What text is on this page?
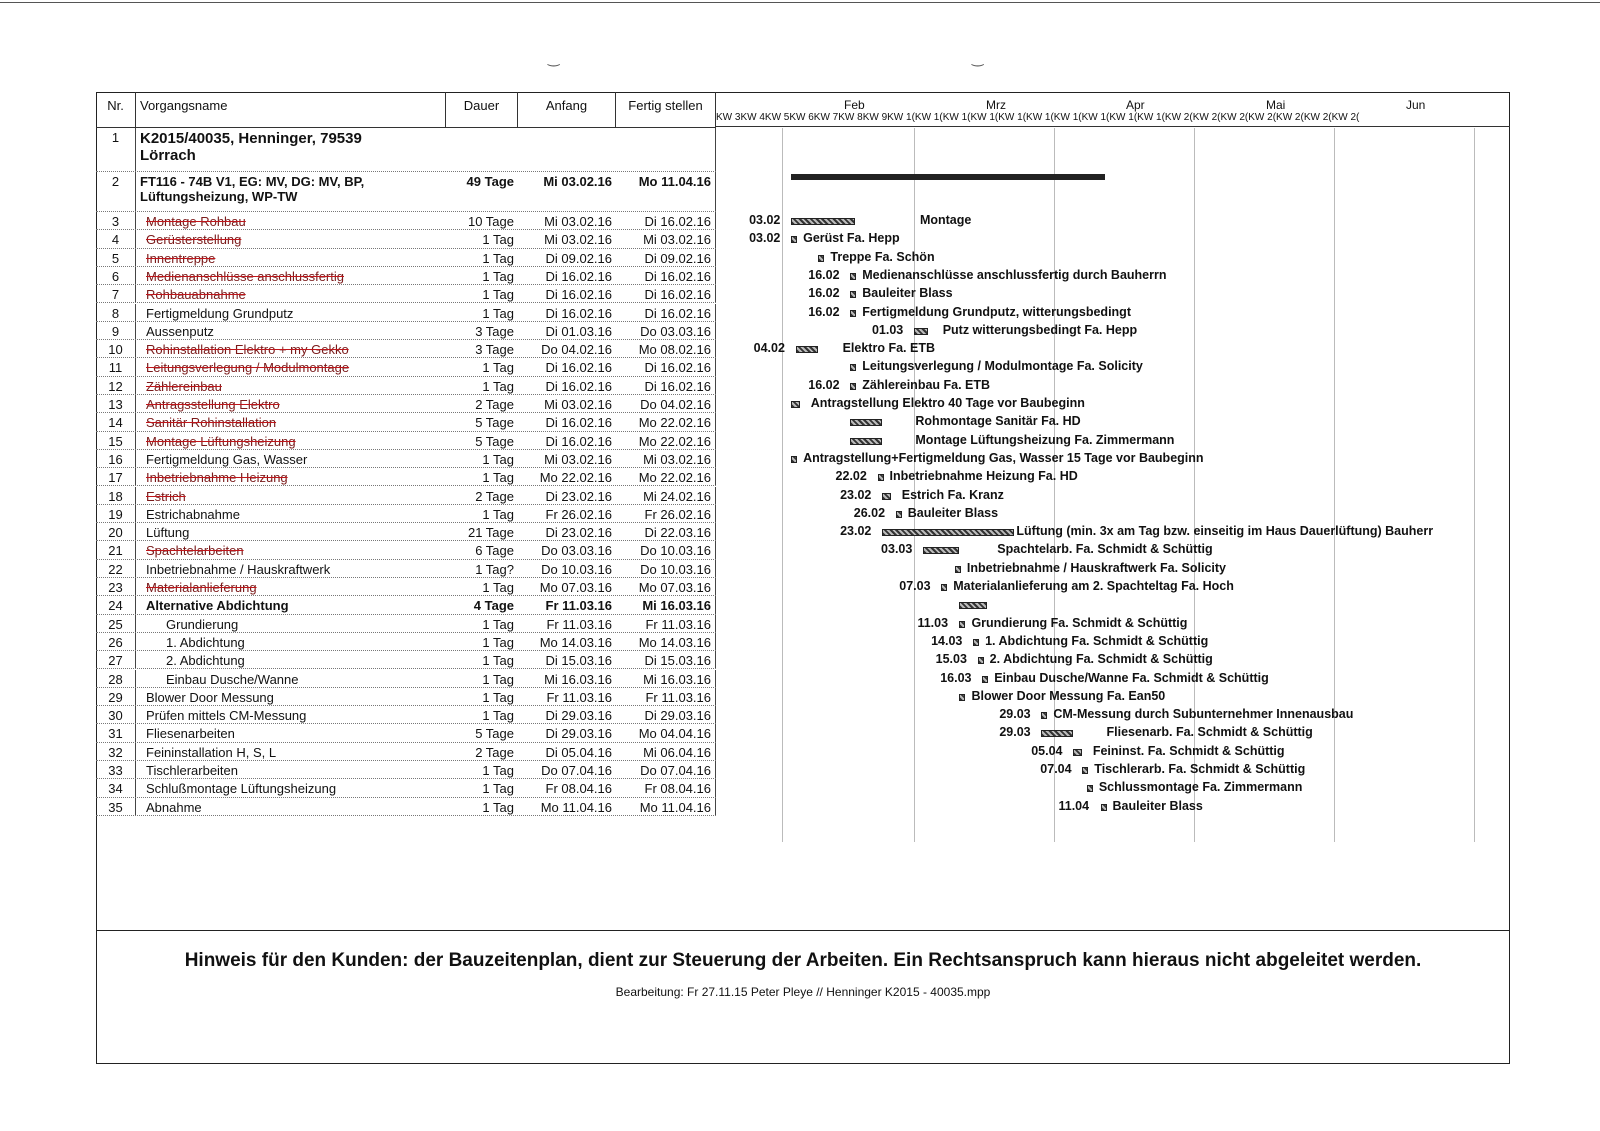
‿	‿
Nr.	Vorgangsname	Dauer	Anfang	Fertig stellen	Feb	Mrz	Apr	Mai	Jun
KW 3KW 4KW 5KW 6KW 7KW 8KW 9KW 1(KW 1(KW 1(KW 1(KW 1(KW 1(KW 1(KW 1(KW 1(KW 1(KW 2(KW 2(KW 2(KW 2(KW 2(KW 2(KW 2(
03.02	Montage
03.02 Gerüst Fa. Hepp
Treppe Fa. Schön
16.02 Medienanschlüsse anschlussfertig durch Bauherrn
16.02 Bauleiter Blass
16.02 Fertigmeldung Grundputz, witterungsbedingt
01.03	Putz witterungsbedingt Fa. Hepp
04.02	Elektro Fa. ETB
Leitungsverlegung / Modulmontage Fa. Solicity
16.02 Zählereinbau Fa. ETB
Antragstellung Elektro 40 Tage vor Baubeginn
Rohmontage Sanitär Fa. HD
Montage Lüftungsheizung Fa. Zimmermann
Antragstellung+Fertigmeldung Gas, Wasser 15 Tage vor Baubeginn
22.02 Inbetriebnahme Heizung Fa. HD
23.02 Estrich Fa. Kranz
26.02 Bauleiter Blass
23.02	Lüftung (min. 3x am Tag bzw. einseitig im Haus Dauerlüftung) Bauherr
03.03	Spachtelarb. Fa. Schmidt & Schüttig
Inbetriebnahme / Hauskraftwerk Fa. Solicity
07.03 Materialanlieferung am 2. Spachteltag Fa. Hoch
11.03 Grundierung Fa. Schmidt & Schüttig
14.03 1. Abdichtung Fa. Schmidt & Schüttig
15.03 2. Abdichtung Fa. Schmidt & Schüttig
16.03 Einbau Dusche/Wanne Fa. Schmidt & Schüttig
Blower Door Messung Fa. Ean50
29.03 CM-Messung durch Subunternehmer Innenausbau
29.03	Fliesenarb. Fa. Schmidt & Schüttig
05.04 Feininst. Fa. Schmidt & Schüttig
07.04 Tischlerarb. Fa. Schmidt & Schüttig
Schlussmontage Fa. Zimmermann
11.04 Bauleiter Blass
1	K2015/40035, Henninger, 79539
Lörrach
2	FT116 - 74B V1, EG: MV, DG: MV, BP,
Lüftungsheizung, WP-TW
49 Tage	Mi 03.02.16	Mo 11.04.16
3	Montage Rohbau	10 Tage	Mi 03.02.16	Di 16.02.16
4	Gerüsterstellung	1 Tag	Mi 03.02.16	Mi 03.02.16
5	Innentreppe	1 Tag	Di 09.02.16	Di 09.02.16
6	Medienanschlüsse anschlussfertig	1 Tag	Di 16.02.16	Di 16.02.16
7	Rohbauabnahme	1 Tag	Di 16.02.16	Di 16.02.16
8	Fertigmeldung Grundputz	1 Tag	Di 16.02.16	Di 16.02.16
9	Aussenputz	3 Tage	Di 01.03.16	Do 03.03.16
10	Rohinstallation Elektro + my Gekko	3 Tage	Do 04.02.16	Mo 08.02.16
11	Leitungsverlegung / Modulmontage	1 Tag	Di 16.02.16	Di 16.02.16
12	Zählereinbau	1 Tag	Di 16.02.16	Di 16.02.16
13	Antragsstellung Elektro	2 Tage	Mi 03.02.16	Do 04.02.16
14	Sanitär Rohinstallation	5 Tage	Di 16.02.16	Mo 22.02.16
15	Montage Lüftungsheizung	5 Tage	Di 16.02.16	Mo 22.02.16
16	Fertigmeldung Gas, Wasser	1 Tag	Mi 03.02.16	Mi 03.02.16
17	Inbetriebnahme Heizung	1 Tag	Mo 22.02.16	Mo 22.02.16
18	Estrich	2 Tage	Di 23.02.16	Mi 24.02.16
19	Estrichabnahme	1 Tag	Fr 26.02.16	Fr 26.02.16
20	Lüftung	21 Tage	Di 23.02.16	Di 22.03.16
21	Spachtelarbeiten	6 Tage	Do 03.03.16	Do 10.03.16
22	Inbetriebnahme / Hauskraftwerk	1 Tag?	Do 10.03.16	Do 10.03.16
23	Materialanlieferung	1 Tag	Mo 07.03.16	Mo 07.03.16
24	Alternative Abdichtung	4 Tage	Fr 11.03.16	Mi 16.03.16
25	Grundierung	1 Tag	Fr 11.03.16	Fr 11.03.16
26	1. Abdichtung	1 Tag	Mo 14.03.16	Mo 14.03.16
27	2. Abdichtung	1 Tag	Di 15.03.16	Di 15.03.16
28	Einbau Dusche/Wanne	1 Tag	Mi 16.03.16	Mi 16.03.16
29	Blower Door Messung	1 Tag	Fr 11.03.16	Fr 11.03.16
30	Prüfen mittels CM-Messung	1 Tag	Di 29.03.16	Di 29.03.16
31	Fliesenarbeiten	5 Tage	Di 29.03.16	Mo 04.04.16
32	Feininstallation H, S, L	2 Tage	Di 05.04.16	Mi 06.04.16
33	Tischlerarbeiten	1 Tag	Do 07.04.16	Do 07.04.16
34	Schlußmontage Lüftungsheizung	1 Tag	Fr 08.04.16	Fr 08.04.16
35	Abnahme	1 Tag	Mo 11.04.16	Mo 11.04.16
Hinweis für den Kunden: der Bauzeitenplan, dient zur Steuerung der Arbeiten. Ein Rechtsanspruch kann hieraus nicht abgeleitet werden.
Bearbeitung: Fr 27.11.15 Peter Pleye // Henninger K2015 - 40035.mpp
